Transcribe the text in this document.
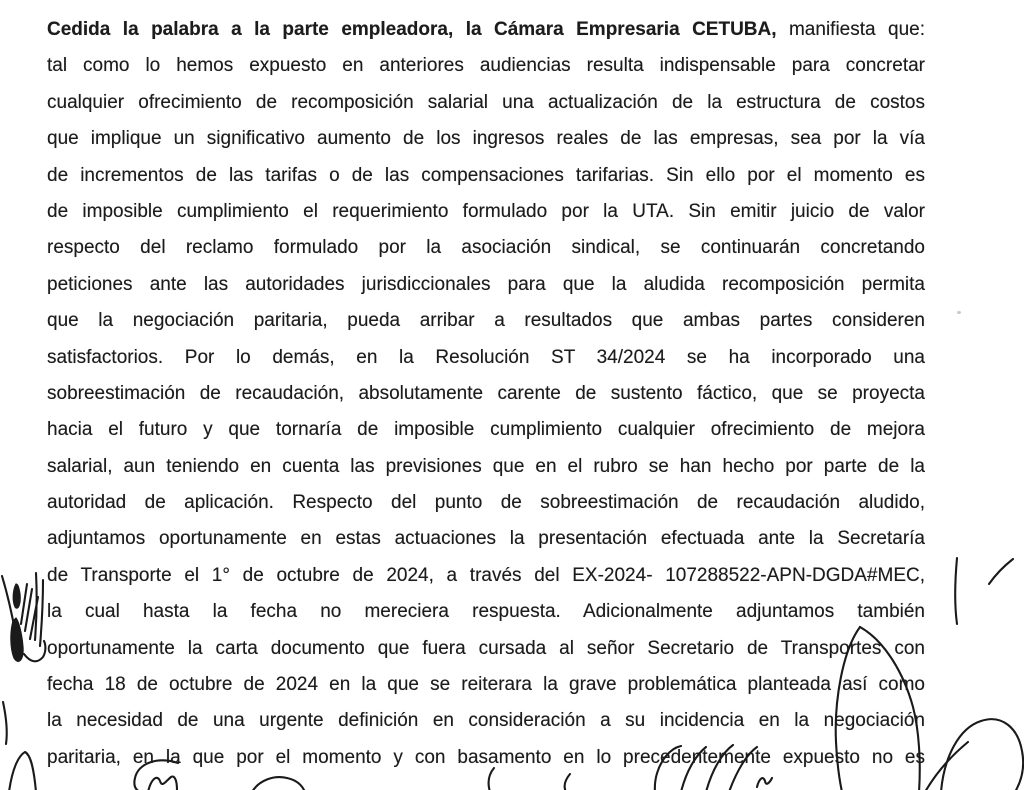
Cedida la palabra a la parte empleadora, la Cámara Empresaria CETUBA, manifiesta que:
tal como lo hemos expuesto en anteriores audiencias resulta indispensable para concretar
cualquier ofrecimiento de recomposición salarial una actualización de la estructura de costos
que implique un significativo aumento de los ingresos reales de las empresas, sea por la vía
de incrementos de las tarifas o de las compensaciones tarifarias. Sin ello por el momento es
de imposible cumplimiento el requerimiento formulado por la UTA. Sin emitir juicio de valor
respecto del reclamo formulado por la asociación sindical, se continuarán concretando
peticiones ante las autoridades jurisdiccionales para que la aludida recomposición permita
que la negociación paritaria, pueda arribar a resultados que ambas partes consideren
satisfactorios. Por lo demás, en la Resolución ST 34/2024 se ha incorporado una
sobreestimación de recaudación, absolutamente carente de sustento fáctico, que se proyecta
hacia el futuro y que tornaría de imposible cumplimiento cualquier ofrecimiento de mejora
salarial, aun teniendo en cuenta las previsiones que en el rubro se han hecho por parte de la
autoridad de aplicación. Respecto del punto de sobreestimación de recaudación aludido,
adjuntamos oportunamente en estas actuaciones la presentación efectuada ante la Secretaría
de Transporte el 1° de octubre de 2024, a través del EX-2024- 107288522-APN-DGDA#MEC,
la cual hasta la fecha no mereciera respuesta. Adicionalmente adjuntamos también
oportunamente la carta documento que fuera cursada al señor Secretario de Transportes con
fecha 18 de octubre de 2024 en la que se reiterara la grave problemática planteada así como
la necesidad de una urgente definición en consideración a su incidencia en la negociación
paritaria, en la que por el momento y con basamento en lo precedentemente expuesto no es
